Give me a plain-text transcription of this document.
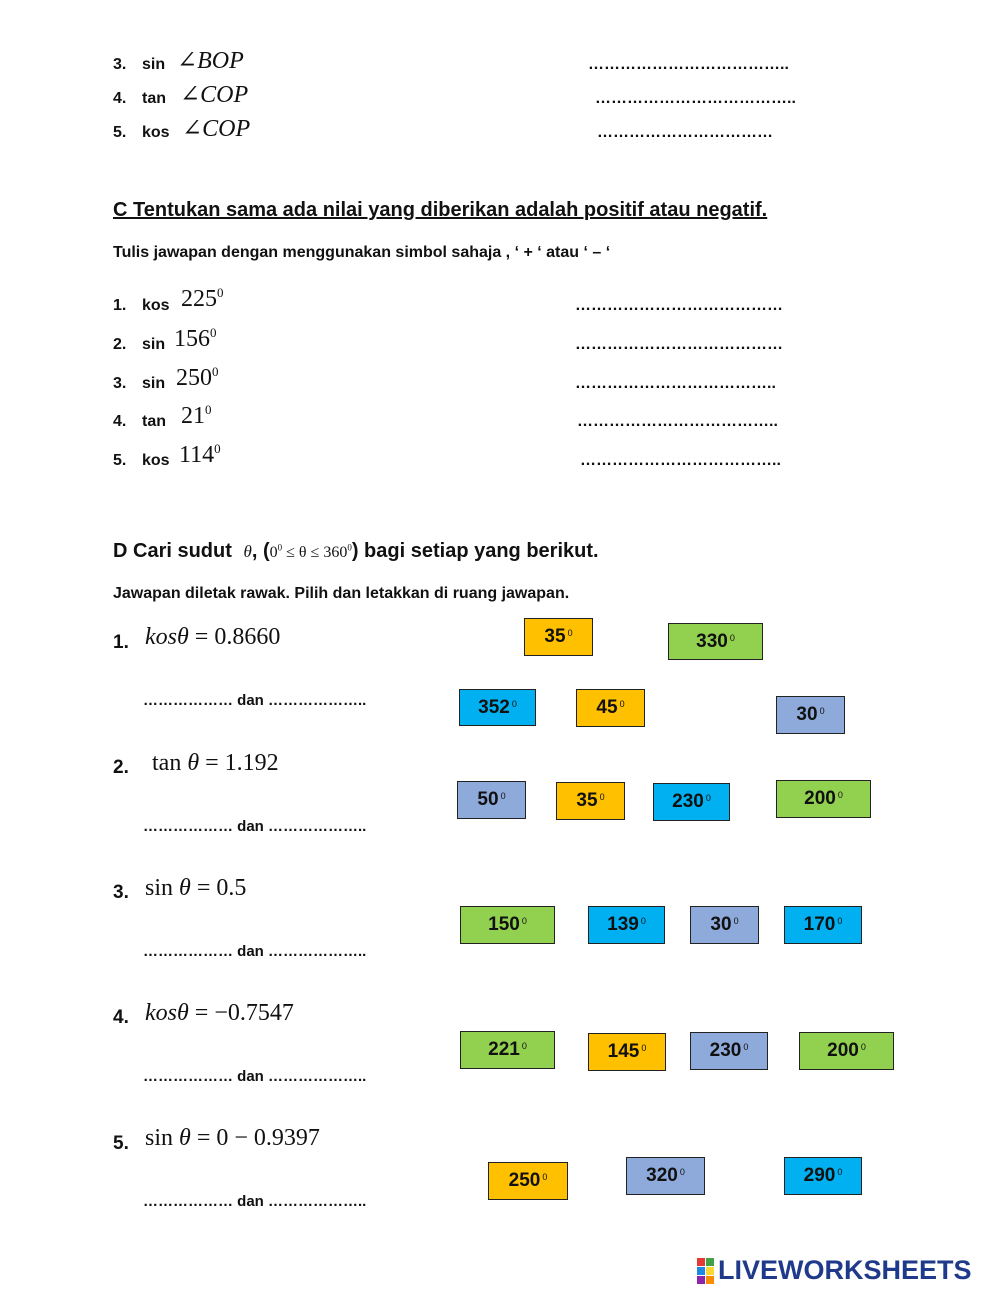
3. sin ∠BOP	………………………………..
4. tan ∠COP	………………………………..
5. kos ∠COP	……………………………
C Tentukan sama ada nilai yang diberikan adalah positif atau negatif.
Tulis jawapan dengan menggunakan simbol sahaja , ‘ + ‘ atau ‘ – ‘
1. kos $225^0$
…………………………………
2. $\sin 156^0$
…………………………………
3. $\sin 250^0$
………………………………..
4. $\tan 21^0$
………………………………..
5. kos $114^0$
………………………………..
D Cari sudut θ, $(0^0 \le \theta \le 360^0)$ bagi setiap yang berikut.
Jawapan diletak rawak. Pilih dan letakkan di ruang jawapan.
1. kosθ = 0.8660
……………… dan ………………..
2. tan θ = 1.192
……………… dan ………………..
3. sin θ = 0.5
……………… dan ………………..
4. kosθ = −0.7547
……………… dan ………………..
5. sin θ = 0 − 0.9397
……………… dan ………………..
$35^0$	$330^0$
$352^0$	$45^0$	$30^0$
$50^0$	$35^0$	$230^0$	$200^0$
$150^0$	$139^0$	$30^0$	$170^0$
$221^0$	$145^0$	$230^0$	$200^0$
$250^0$	$320^0$	$290^0$
LIVEWORKSHEETS
